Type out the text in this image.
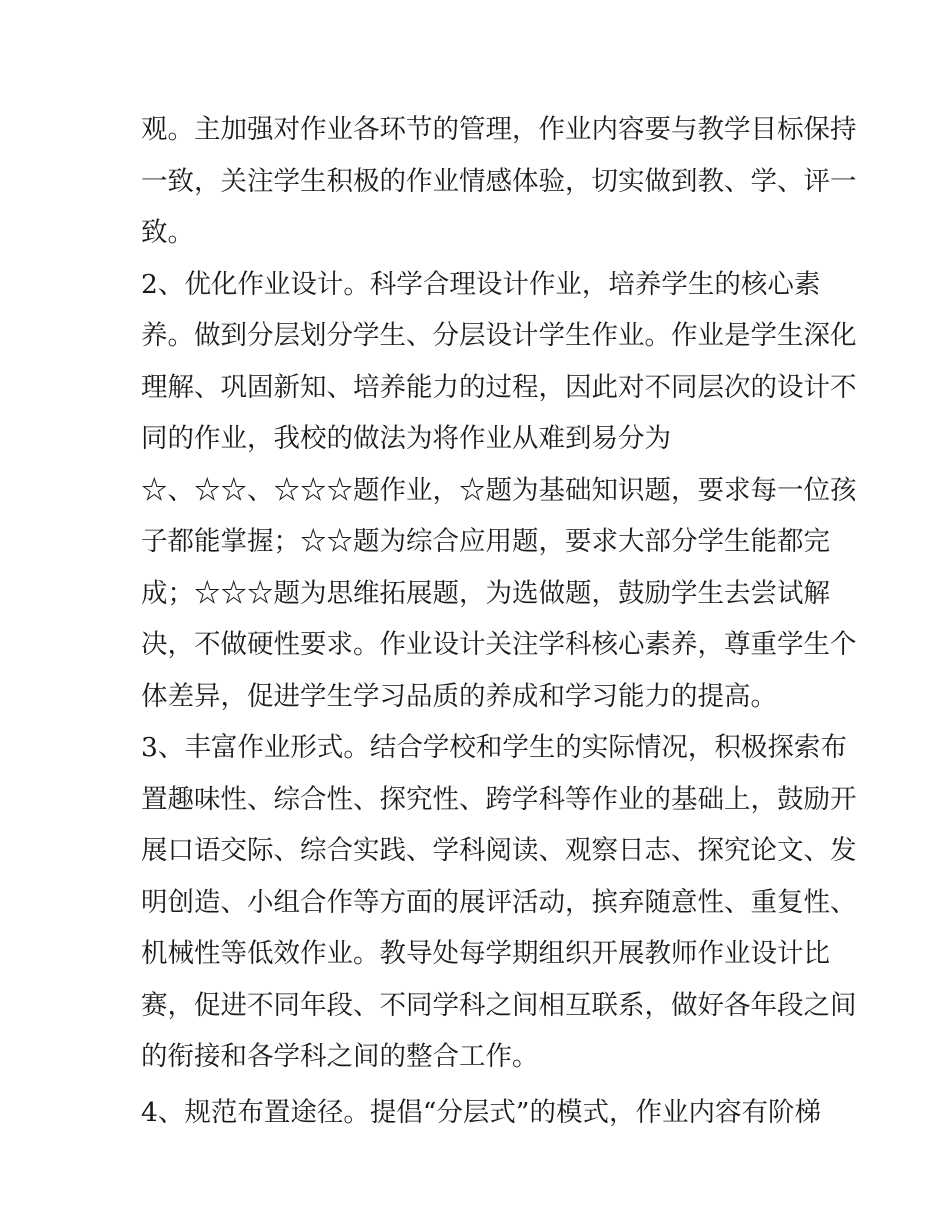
观。主加强对作业各环节的管理，作业内容要与教学目标保持
一致，关注学生积极的作业情感体验，切实做到教、学、评一
致。
2、优化作业设计。科学合理设计作业，培养学生的核心素
养。做到分层划分学生、分层设计学生作业。作业是学生深化
理解、巩固新知、培养能力的过程，因此对不同层次的设计不
同的作业，我校的做法为将作业从难到易分为
☆、☆☆、☆☆☆题作业，☆题为基础知识题，要求每一位孩
子都能掌握；☆☆题为综合应用题，要求大部分学生能都完
成；☆☆☆题为思维拓展题，为选做题，鼓励学生去尝试解
决，不做硬性要求。作业设计关注学科核心素养，尊重学生个
体差异，促进学生学习品质的养成和学习能力的提高。
3、丰富作业形式。结合学校和学生的实际情况，积极探索布
置趣味性、综合性、探究性、跨学科等作业的基础上，鼓励开
展口语交际、综合实践、学科阅读、观察日志、探究论文、发
明创造、小组合作等方面的展评活动，摈弃随意性、重复性、
机械性等低效作业。教导处每学期组织开展教师作业设计比
赛，促进不同年段、不同学科之间相互联系，做好各年段之间
的衔接和各学科之间的整合工作。
4、规范布置途径。提倡“分层式”的模式，作业内容有阶梯
